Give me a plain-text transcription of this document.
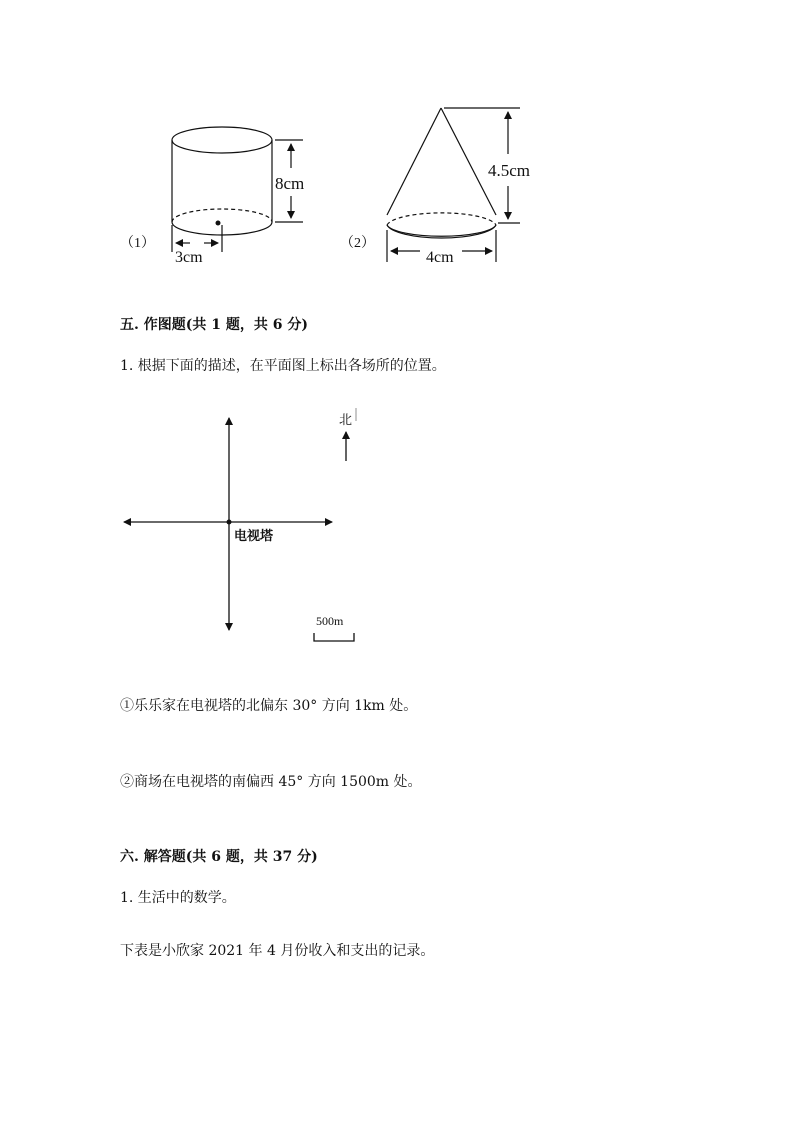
8cm
3cm
（1）
4.5cm
4cm
（2）
五. 作图题(共 1 题，共 6 分)
1. 根据下面的描述，在平面图上标出各场所的位置。
电视塔
北
500m
①乐乐家在电视塔的北偏东 30° 方向 1km 处。
②商场在电视塔的南偏西 45° 方向 1500m 处。
六. 解答题(共 6 题，共 37 分)
1. 生活中的数学。
下表是小欣家 2021 年 4 月份收入和支出的记录。
